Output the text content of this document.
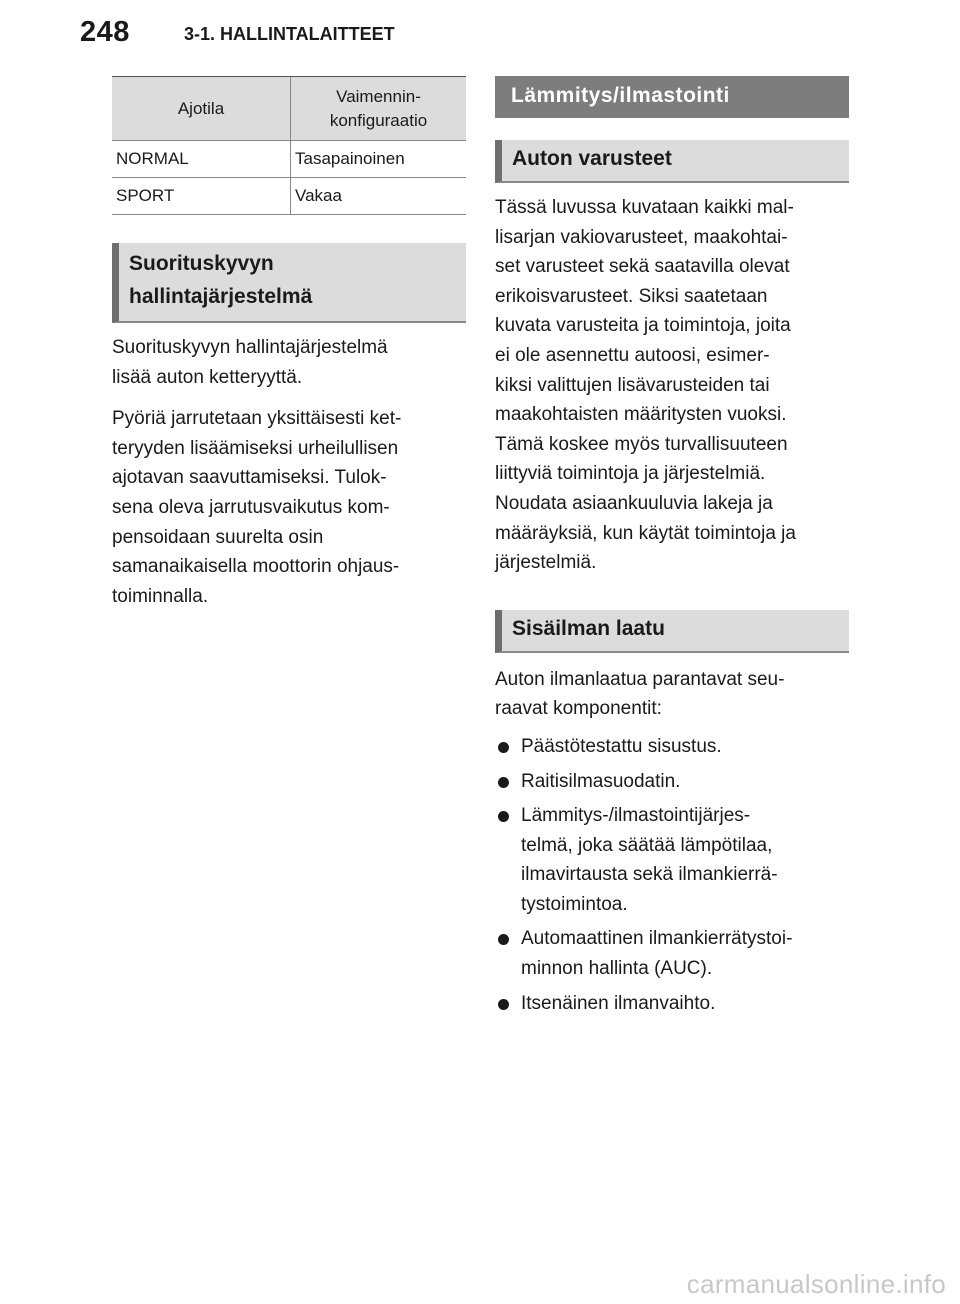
248	3-1. HALLINTALAITTEET
Ajotila	Vaimennin-
konfiguraatio
NORMAL	Tasapainoinen
SPORT	Vakaa
Suorituskyvyn
hallintajärjestelmä

Suorituskyvyn hallintajärjestelmä
lisää auton ketteryyttä.

Pyöriä jarrutetaan yksittäisesti ket-
teryyden lisäämiseksi urheilullisen
ajotavan saavuttamiseksi. Tulok-
sena oleva jarrutusvaikutus kom-
pensoidaan suurelta osin
samanaikaisella moottorin ohjaus-
toiminnalla.

Lämmitys/ilmastointi
Auton varusteet

Tässä luvussa kuvataan kaikki mal-
lisarjan vakiovarusteet, maakohtai-
set varusteet sekä saatavilla olevat
erikoisvarusteet. Siksi saatetaan
kuvata varusteita ja toimintoja, joita
ei ole asennettu autoosi, esimer-
kiksi valittujen lisävarusteiden tai
maakohtaisten määritysten vuoksi.
Tämä koskee myös turvallisuuteen
liittyviä toimintoja ja järjestelmiä.
Noudata asiaankuuluvia lakeja ja
määräyksiä, kun käytät toimintoja ja
järjestelmiä.

Sisäilman laatu

Auton ilmanlaatua parantavat seu-
raavat komponentit:

Päästötestattu sisustus.
Raitisilmasuodatin.
Lämmitys-/ilmastointijärjes-
telmä, joka säätää lämpötilaa,
ilmavirtausta sekä ilmankierrä-
tystoimintoa.
Automaattinen ilmankierrätystoi-
minnon hallinta (AUC).
Itsenäinen ilmanvaihto.
carmanualsonline.info
